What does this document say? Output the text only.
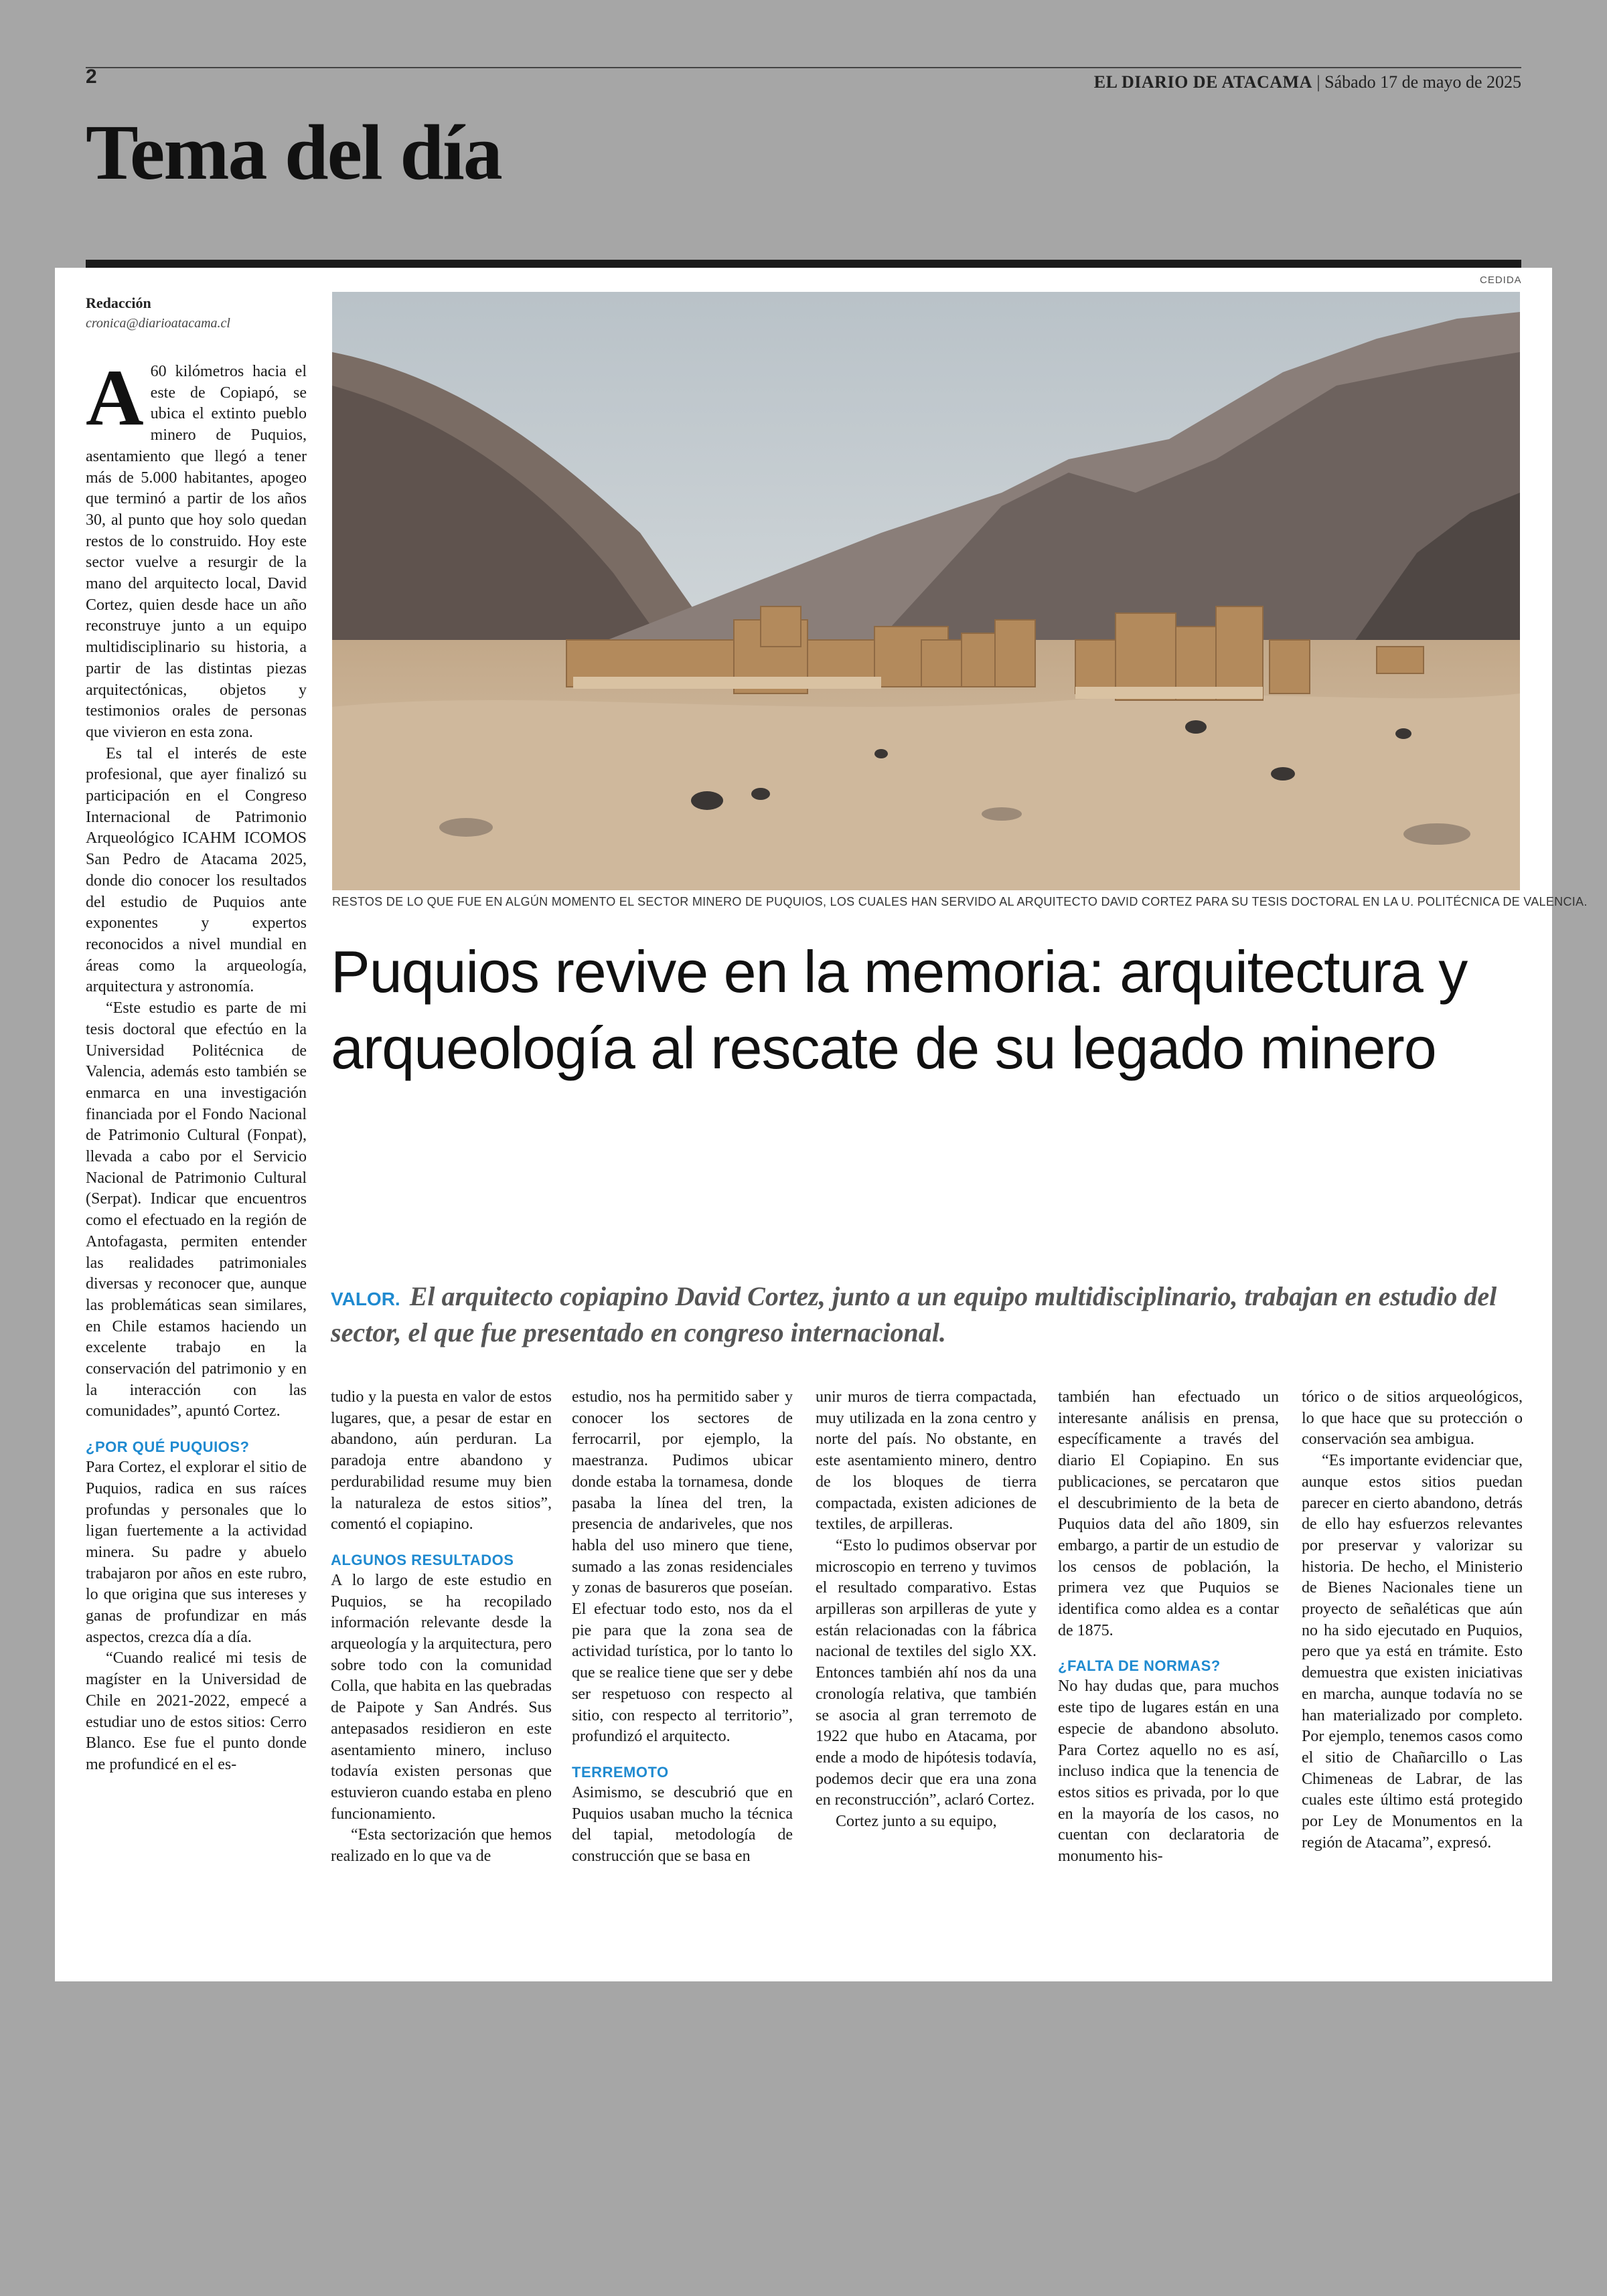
2	EL DIARIO DE ATACAMA | Sábado 17 de mayo de 2025
Tema del día
CEDIDA
RESTOS DE LO QUE FUE EN ALGÚN MOMENTO EL SECTOR MINERO DE PUQUIOS, LOS CUALES HAN SERVIDO AL ARQUITECTO DAVID CORTEZ PARA SU TESIS DOCTORAL EN LA U. POLITÉCNICA DE VALENCIA.
Puquios revive en la memoria: arquitectura y arqueología al rescate de su legado minero
VALOR. El arquitecto copiapino David Cortez, junto a un equipo multidisciplinario, trabajan en estudio del sector, el que fue presentado en congreso internacional.
Redacción
cronica@diarioatacama.cl

A 60 kilómetros hacia el este de Copiapó, se ubica el extinto pueblo minero de Puquios, asentamiento que llegó a tener más de 5.000 habitantes, apogeo que terminó a partir de los años 30, al punto que hoy solo quedan restos de lo construido. Hoy este sector vuelve a resurgir de la mano del arquitecto local, David Cortez, quien desde hace un año reconstruye junto a un equipo multidisciplinario su historia, a partir de las distintas piezas arquitectónicas, objetos y testimonios orales de personas que vivieron en esta zona.

Es tal el interés de este profesional, que ayer finalizó su participación en el Congreso Internacional de Patrimonio Arqueológico ICAHM ICOMOS San Pedro de Atacama 2025, donde dio conocer los resultados del estudio de Puquios ante exponentes y expertos reconocidos a nivel mundial en áreas como la arqueología, arquitectura y astronomía.

“Este estudio es parte de mi tesis doctoral que efectúo en la Universidad Politécnica de Valencia, además esto también se enmarca en una investigación financiada por el Fondo Nacional de Patrimonio Cultural (Fonpat), llevada a cabo por el Servicio Nacional de Patrimonio Cultural (Serpat). Indicar que encuentros como el efectuado en la región de Antofagasta, permiten entender las realidades patrimoniales diversas y reconocer que, aunque las problemáticas sean similares, en Chile estamos haciendo un excelente trabajo en la conservación del patrimonio y en la interacción con las comunidades”, apuntó Cortez.

¿POR QUÉ PUQUIOS?

Para Cortez, el explorar el sitio de Puquios, radica en sus raíces profundas y personales que lo ligan fuertemente a la actividad minera. Su padre y abuelo trabajaron por años en este rubro, lo que origina que sus intereses y ganas de profundizar en más aspectos, crezca día a día.

“Cuando realicé mi tesis de magíster en la Universidad de Chile en 2021-2022, empecé a estudiar uno de estos sitios: Cerro Blanco. Ese fue el punto donde me profundicé en el es-

tudio y la puesta en valor de estos lugares, que, a pesar de estar en abandono, aún perduran. La paradoja entre abandono y perdurabilidad resume muy bien la naturaleza de estos sitios”, comentó el copiapino.

ALGUNOS RESULTADOS

A lo largo de este estudio en Puquios, se ha recopilado información relevante desde la arqueología y la arquitectura, pero sobre todo con la comunidad Colla, que habita en las quebradas de Paipote y San Andrés. Sus antepasados residieron en este asentamiento minero, incluso todavía existen personas que estuvieron cuando estaba en pleno funcionamiento.

“Esta sectorización que hemos realizado en lo que va de

estudio, nos ha permitido saber y conocer los sectores de ferrocarril, por ejemplo, la maestranza. Pudimos ubicar donde estaba la tornamesa, donde pasaba la línea del tren, la presencia de andariveles, que nos habla del uso minero que tiene, sumado a las zonas residenciales y zonas de basureros que poseían. El efectuar todo esto, nos da el pie para que la zona sea de actividad turística, por lo tanto lo que se realice tiene que ser y debe ser respetuoso con respecto al sitio, con respecto al territorio”, profundizó el arquitecto.

TERREMOTO

Asimismo, se descubrió que en Puquios usaban mucho la técnica del tapial, metodología de construcción que se basa en

unir muros de tierra compactada, muy utilizada en la zona centro y norte del país. No obstante, en este asentamiento minero, dentro de los bloques de tierra compactada, existen adiciones de textiles, de arpilleras.

“Esto lo pudimos observar por microscopio en terreno y tuvimos el resultado comparativo. Estas arpilleras son arpilleras de yute y están relacionadas con la fábrica nacional de textiles del siglo XX. Entonces también ahí nos da una cronología relativa, que también se asocia al gran terremoto de 1922 que hubo en Atacama, por ende a modo de hipótesis todavía, podemos decir que era una zona en reconstrucción”, aclaró Cortez.

Cortez junto a su equipo,

también han efectuado un interesante análisis en prensa, específicamente a través del diario El Copiapino. En sus publicaciones, se percataron que el descubrimiento de la beta de Puquios data del año 1809, sin embargo, a partir de un estudio de los censos de población, la primera vez que Puquios se identifica como aldea es a contar de 1875.

¿FALTA DE NORMAS?

No hay dudas que, para muchos este tipo de lugares están en una especie de abandono absoluto. Para Cortez aquello no es así, incluso indica que la tenencia de estos sitios es privada, por lo que en la mayoría de los casos, no cuentan con declaratoria de monumento his-

tórico o de sitios arqueológicos, lo que hace que su protección o conservación sea ambigua.

“Es importante evidenciar que, aunque estos sitios puedan parecer en cierto abandono, detrás de ello hay esfuerzos relevantes por preservar y valorizar su historia. De hecho, el Ministerio de Bienes Nacionales tiene un proyecto de señaléticas que aún no ha sido ejecutado en Puquios, pero que ya está en trámite. Esto demuestra que existen iniciativas en marcha, aunque todavía no se han materializado por completo. Por ejemplo, tenemos casos como el sitio de Chañarcillo o Las Chimeneas de Labrar, de las cuales este último está protegido por Ley de Monumentos en la región de Atacama”, expresó.
